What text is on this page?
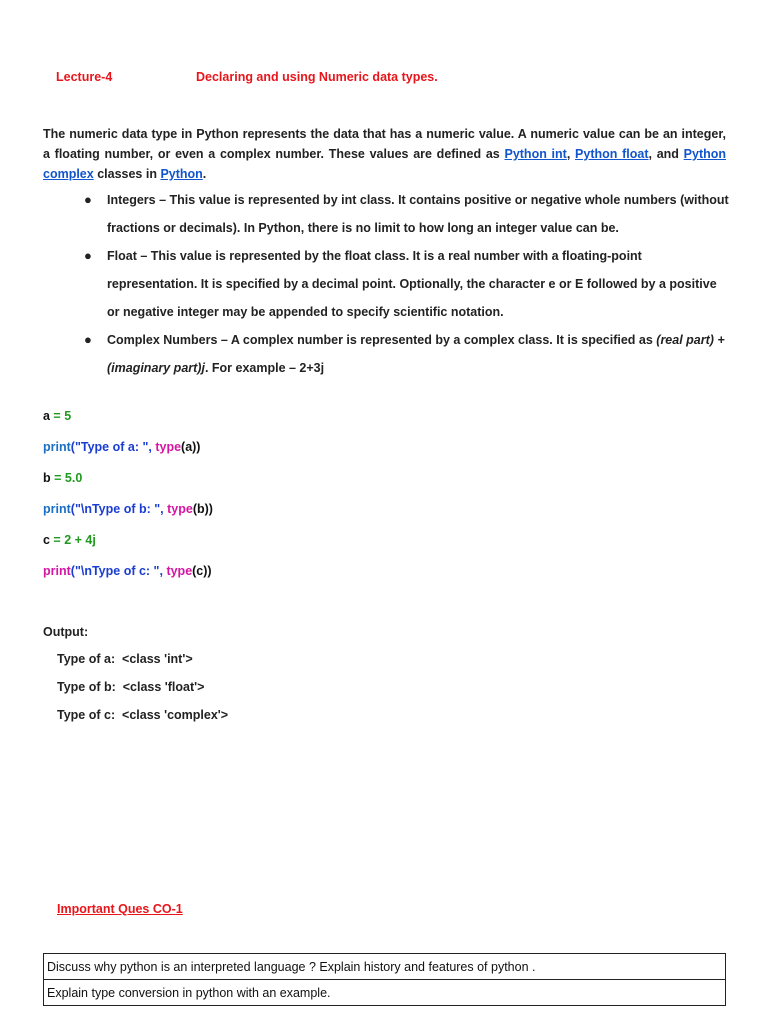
Lecture-4	Declaring and using Numeric data types.
The numeric data type in Python represents the data that has a numeric value. A numeric value can be an integer, a floating number, or even a complex number. These values are defined as Python int, Python float, and Python complex classes in Python.
● Integers – This value is represented by int class. It contains positive or negative whole numbers (without fractions or decimals). In Python, there is no limit to how long an integer value can be.
● Float – This value is represented by the float class. It is a real number with a floating-point representation. It is specified by a decimal point. Optionally, the character e or E followed by a positive or negative integer may be appended to specify scientific notation.
● Complex Numbers – A complex number is represented by a complex class. It is specified as (real part) + (imaginary part)j. For example – 2+3j
a = 5
print("Type of a: ", type(a))
b = 5.0
print("\nType of b: ", type(b))
c = 2 + 4j
print("\nType of c: ", type(c))
Output:
Type of a:  <class 'int'>
Type of b:  <class 'float'>
Type of c:  <class 'complex'>
Important Ques CO-1
Discuss why python is an interpreted language ? Explain history and features of python .
Explain type conversion in python with an example.
